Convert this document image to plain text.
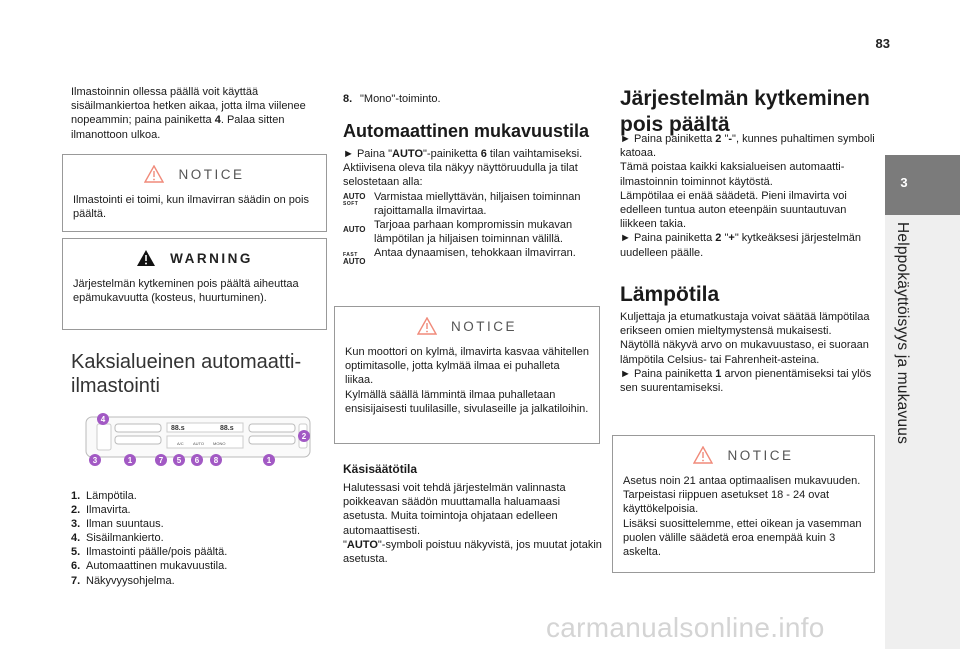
83
3
Helppokäyttöisyys ja mukavuus

Ilmastoinnin ollessa päällä voit käyttää sisäilmankiertoa hetken aikaa, jotta ilma viilenee nopeammin; paina painiketta 4. Palaa sitten ilmanottoon ulkoa.

NOTICE
Ilmastointi ei toimi, kun ilmavirran säädin on pois päältä.
WARNING
Järjestelmän kytkeminen pois päältä aiheuttaa epämukavuutta (kosteus, huurtuminen).
Kaksialueinen automaatti-ilmastointi
88.s	88.s
A/C AUTO MONO
4
2
3	1	7 5 6 8	1
1. Lämpötila.
2. Ilmavirta.
3. Ilman suuntaus.
4. Sisäilmankierto.
5. Ilmastointi päälle/pois päältä.
6. Automaattinen mukavuustila.
7. Näkyvyysohjelma.
8. "Mono"-toiminto.
Automaattinen mukavuustila

► Paina "AUTO"-painiketta 6 tilan vaihtamiseksi.

Aktiivisena oleva tila näkyy näyttöruudulla ja tilat selostetaan alla:

AUTO
SOFT
Varmistaa miellyttävän, hiljaisen toiminnan rajoittamalla ilmavirtaa.
AUTO Tarjoaa parhaan kompromissin mukavan lämpötilan ja hiljaisen toiminnan välillä.
FAST
AUTO
Antaa dynaamisen, tehokkaan ilmavirran.
NOTICE
Kun moottori on kylmä, ilmavirta kasvaa vähitellen optimitasolle, jotta kylmää ilmaa ei puhalleta liikaa.
Kylmällä säällä lämmintä ilmaa puhalletaan ensisijaisesti tuulilasille, sivulaseille ja jalkatiloihin.
Käsisäätötila

Halutessasi voit tehdä järjestelmän valinnasta poikkeavan säädön muuttamalla haluamaasi asetusta. Muita toimintoja ohjataan edelleen automaattisesti.

"AUTO"-symboli poistuu näkyvistä, jos muutat jotakin asetusta.

Järjestelmän kytkeminen pois päältä

► Paina painiketta 2 "-", kunnes puhaltimen symboli katoaa.

Tämä poistaa kaikki kaksialueisen automaatti-ilmastoinnin toiminnot käytöstä.

Lämpötilaa ei enää säädetä. Pieni ilmavirta voi edelleen tuntua auton eteenpäin suuntautuvan liikkeen takia.

► Paina painiketta 2 "+" kytkeäksesi järjestelmän uudelleen päälle.

Lämpötila

Kuljettaja ja etumatkustaja voivat säätää lämpötilaa erikseen omien mieltymystensä mukaisesti.

Näytöllä näkyvä arvo on mukavuustaso, ei suoraan lämpötila Celsius- tai Fahrenheit-asteina.

► Paina painiketta 1 arvon pienentämiseksi tai ylös sen suurentamiseksi.

NOTICE
Asetus noin 21 antaa optimaalisen mukavuuden. Tarpeistasi riippuen asetukset 18 - 24 ovat käyttökelpoisia.
Lisäksi suosittelemme, ettei oikean ja vasemman puolen välille säädetä eroa enempää kuin 3 askelta.
carmanualsonline.info
